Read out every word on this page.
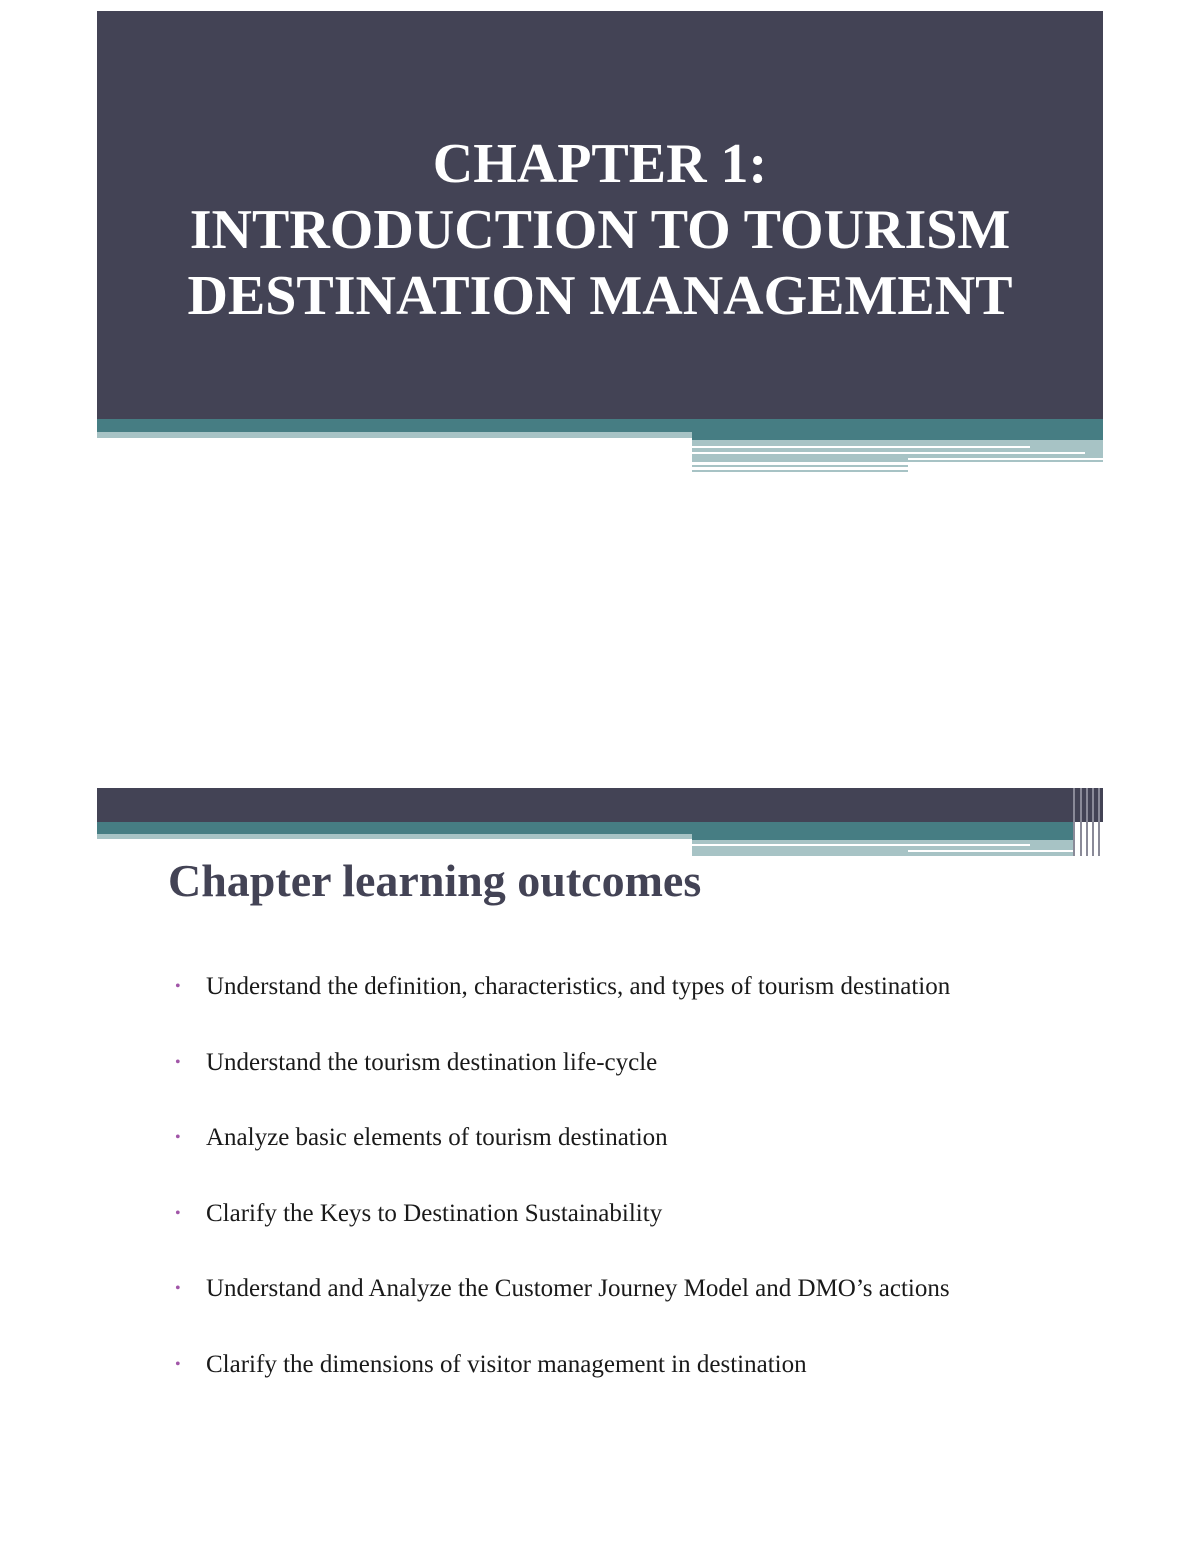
CHAPTER 1:
INTRODUCTION TO TOURISM
DESTINATION MANAGEMENT
Chapter learning outcomes
•	Understand the definition, characteristics, and types of tourism destination
•	Understand the tourism destination life-cycle
•	Analyze basic elements of tourism destination
•	Clarify the Keys to Destination Sustainability
•	Understand and Analyze the Customer Journey Model and DMO’s actions
•	Clarify the dimensions of visitor management in destination
